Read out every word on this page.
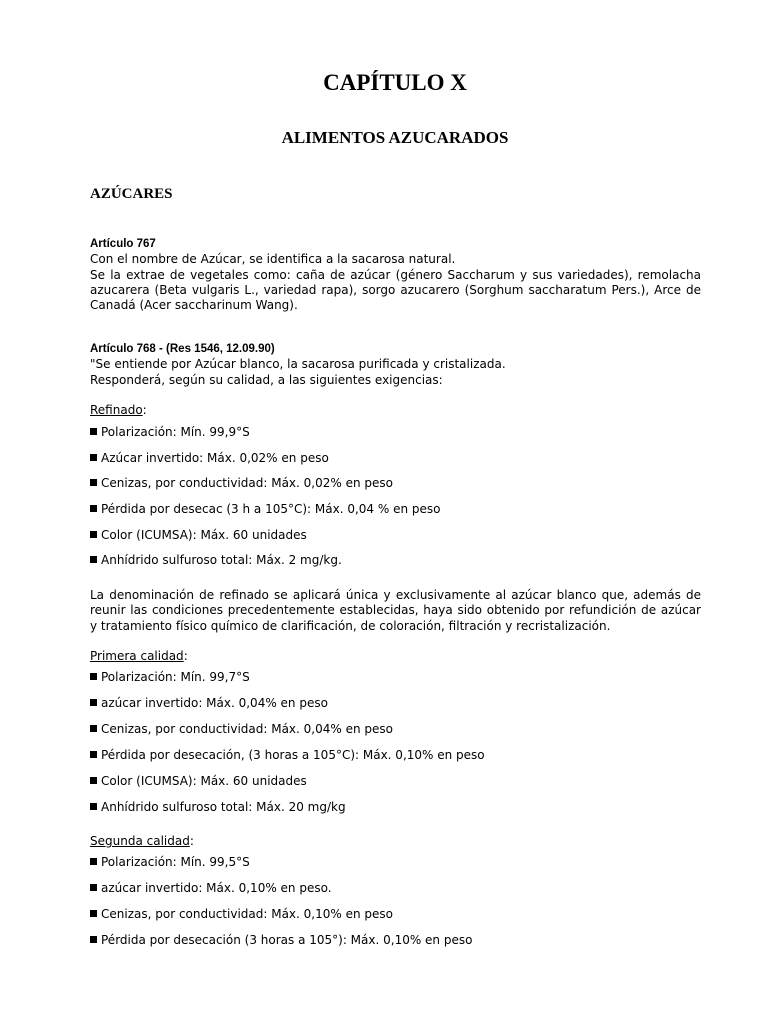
CAPÍTULO X
ALIMENTOS AZUCARADOS
AZÚCARES
Artículo 767
Con el nombre de Azúcar, se identifica a la sacarosa natural.
Se la extrae de vegetales como: caña de azúcar (género Saccharum y sus variedades), remolacha azucarera (Beta vulgaris L., variedad rapa), sorgo azucarero (Sorghum saccharatum Pers.), Arce de Canadá (Acer saccharinum Wang).
Artículo 768 - (Res 1546, 12.09.90)
"Se entiende por Azúcar blanco, la sacarosa purificada y cristalizada.
Responderá, según su calidad, a las siguientes exigencias:
Refinado:
Polarización: Mín. 99,9°S
Azúcar invertido: Máx. 0,02% en peso
Cenizas, por conductividad: Máx. 0,02% en peso
Pérdida por desecac (3 h a 105°C): Máx. 0,04 % en peso
Color (ICUMSA): Máx. 60 unidades
Anhídrido sulfuroso total: Máx. 2 mg/kg.
La denominación de refinado se aplicará única y exclusivamente al azúcar blanco que, además de reunir las condiciones precedentemente establecidas, haya sido obtenido por refundición de azúcar y tratamiento físico químico de clarificación, de coloración, filtración y recristalización.
Primera calidad:
Polarización: Mín. 99,7°S
azúcar invertido: Máx. 0,04% en peso
Cenizas, por conductividad: Máx. 0,04% en peso
Pérdida por desecación, (3 horas a 105°C): Máx. 0,10% en peso
Color (ICUMSA): Máx. 60 unidades
Anhídrido sulfuroso total: Máx. 20 mg/kg
Segunda calidad:
Polarización: Mín. 99,5°S
azúcar invertido: Máx. 0,10% en peso.
Cenizas, por conductividad: Máx. 0,10% en peso
Pérdida por desecación (3 horas a 105°): Máx. 0,10% en peso
